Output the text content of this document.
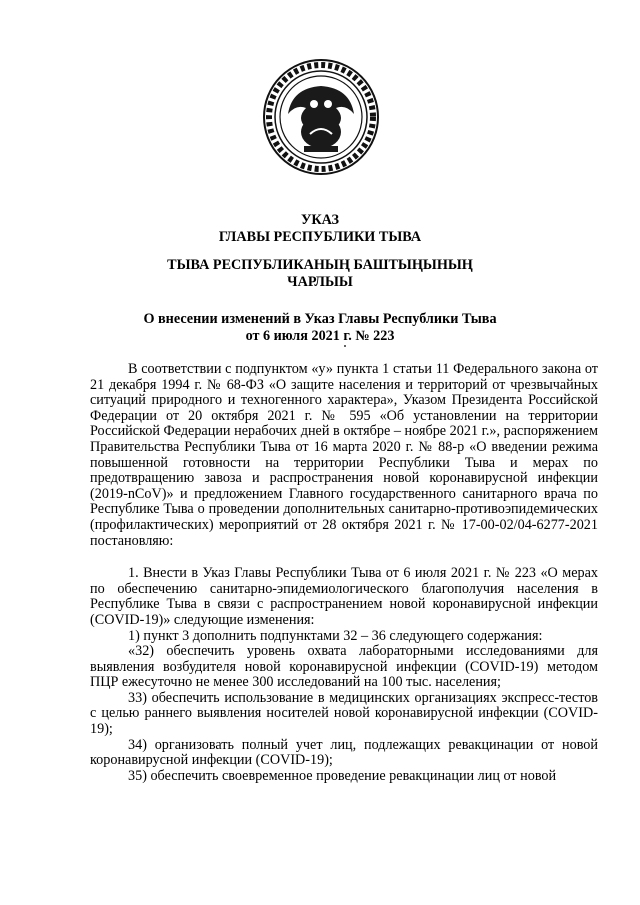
УКАЗ
ГЛАВЫ РЕСПУБЛИКИ ТЫВА
ТЫВА РЕСПУБЛИКАНЫҢ БАШТЫҢЫНЫҢ
ЧАРЛЫЫ
О внесении изменений в Указ Главы Республики Тыва
от 6 июля 2021 г. № 223

В соответствии с подпунктом «у» пункта 1 статьи 11 Федерального закона от 21 декабря 1994 г. № 68-ФЗ «О защите населения и территорий от чрезвычайных ситуаций природного и техногенного характера», Указом Президента Российской Федерации от 20 октября 2021 г. № 595 «Об установлении на территории Российской Федерации нерабочих дней в октябре – ноябре 2021 г.», распоряжением Правительства Республики Тыва от 16 марта 2020 г. № 88-р «О введении режима повышенной готовности на территории Республики Тыва и мерах по предотвращению завоза и распространения новой коронавирусной инфекции (2019-nCoV)» и предложением Главного государственного санитарного врача по Республике Тыва о проведении дополнительных санитарно-противоэпидемических (профилактических) мероприятий от 28 октября 2021 г. № 17-00-02/04-6277-2021 постановляю:

1. Внести в Указ Главы Республики Тыва от 6 июля 2021 г. № 223 «О мерах по обеспечению санитарно-эпидемиологического благополучия населения в Республике Тыва в связи с распространением новой коронавирусной инфекции (COVID-19)» следующие изменения:

1) пункт 3 дополнить подпунктами 32 – 36 следующего содержания:

«32) обеспечить уровень охвата лабораторными исследованиями для выявления возбудителя новой коронавирусной инфекции (COVID-19) методом ПЦР ежесуточно не менее 300 исследований на 100 тыс. населения;

33) обеспечить использование в медицинских организациях экспресс-тестов с целью раннего выявления носителей новой коронавирусной инфекции (COVID-19);

34) организовать полный учет лиц, подлежащих ревакцинации от новой коронавирусной инфекции (COVID-19);

35) обеспечить своевременное проведение ревакцинации лиц от новой
